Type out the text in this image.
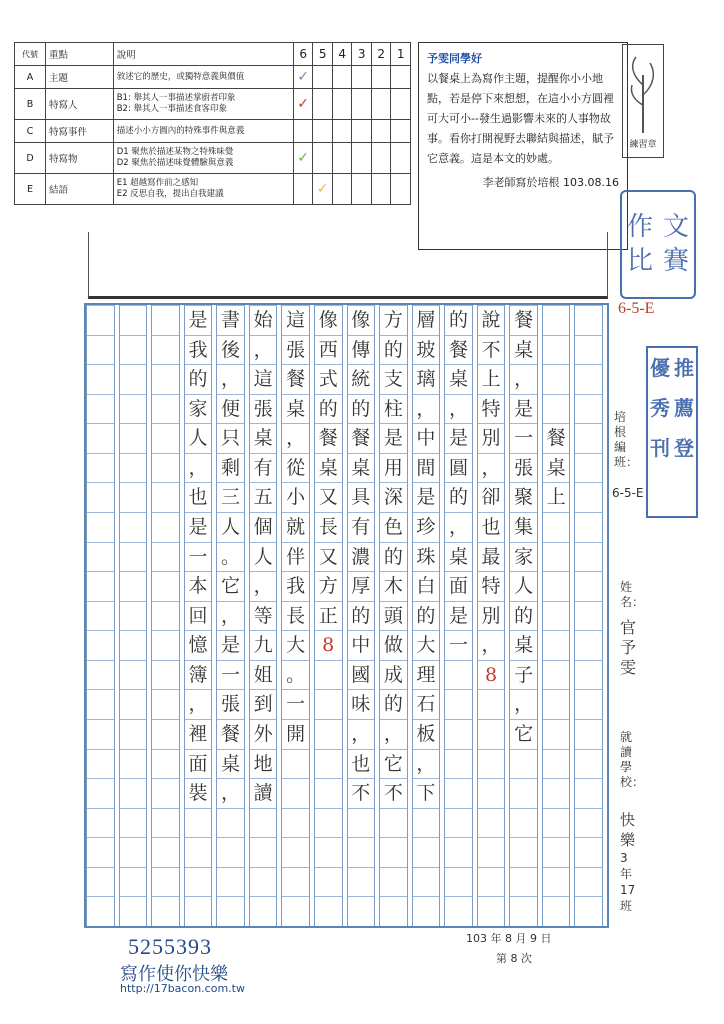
代號	重點	說明	6	5	4	3	2	1
A	主題	敘述它的歷史，或獨特意義與價值	✓					
B	特寫人	B1: 舉其人一事描述掌廚者印象
B2: 舉其人一事描述食客印象	✓					
C	特寫事件	描述小小方圓內的特殊事件與意義						
D	特寫物	D1 聚焦於描述某物之特殊味覺
D2 聚焦於描述味覺體驗與意義	✓					
E	結語	E1 超越寫作前之感知
E2 反思自我，提出自我建議		✓				
予雯同學好
以餐桌上為寫作主題，提醒你小小地點，若是停下來想想，在這小小方圓裡可大可小--發生過影響未來的人事物故事。看你打開視野去聯結與描述，賦予它意義。這是本文的妙處。
李老師寫於培根 103.08.16
練習章
作 文
比 賽
6-5-E
優 推
秀 薦
刊 登
培根編班：
6-5-E
姓名：
官予雯
就讀學校：
快樂
3 年 17 班
餐
桌
上
餐
桌
，
是
一
張
聚
集
家
人
的
桌
子
，
它
說
不
上
特
別
，
卻
也
最
特
別
，
8
的
餐
桌
，
是
圓
的
，
桌
面
是
一
層
玻
璃
，
中
間
是
珍
珠
白
的
大
理
石
板
，
下
方
的
支
柱
是
用
深
色
的
木
頭
做
成
的
，
它
不
像
傳
統
的
餐
桌
具
有
濃
厚
的
中
國
味
，
也
不
像
西
式
的
餐
桌
又
長
又
方
正
8
這
張
餐
桌
，
從
小
就
伴
我
長
大
。
一
開
始
，
這
張
桌
有
五
個
人
，
等
九
姐
到
外
地
讀
書
後
，
便
只
剩
三
人
。
它
，
是
一
張
餐
桌
，
是
我
的
家
人
，
也
是
一
本
回
憶
簿
，
裡
面
裝
5255393
寫作使你快樂
http://17bacon.com.tw
103 年 8 月 9 日
第 8 次
